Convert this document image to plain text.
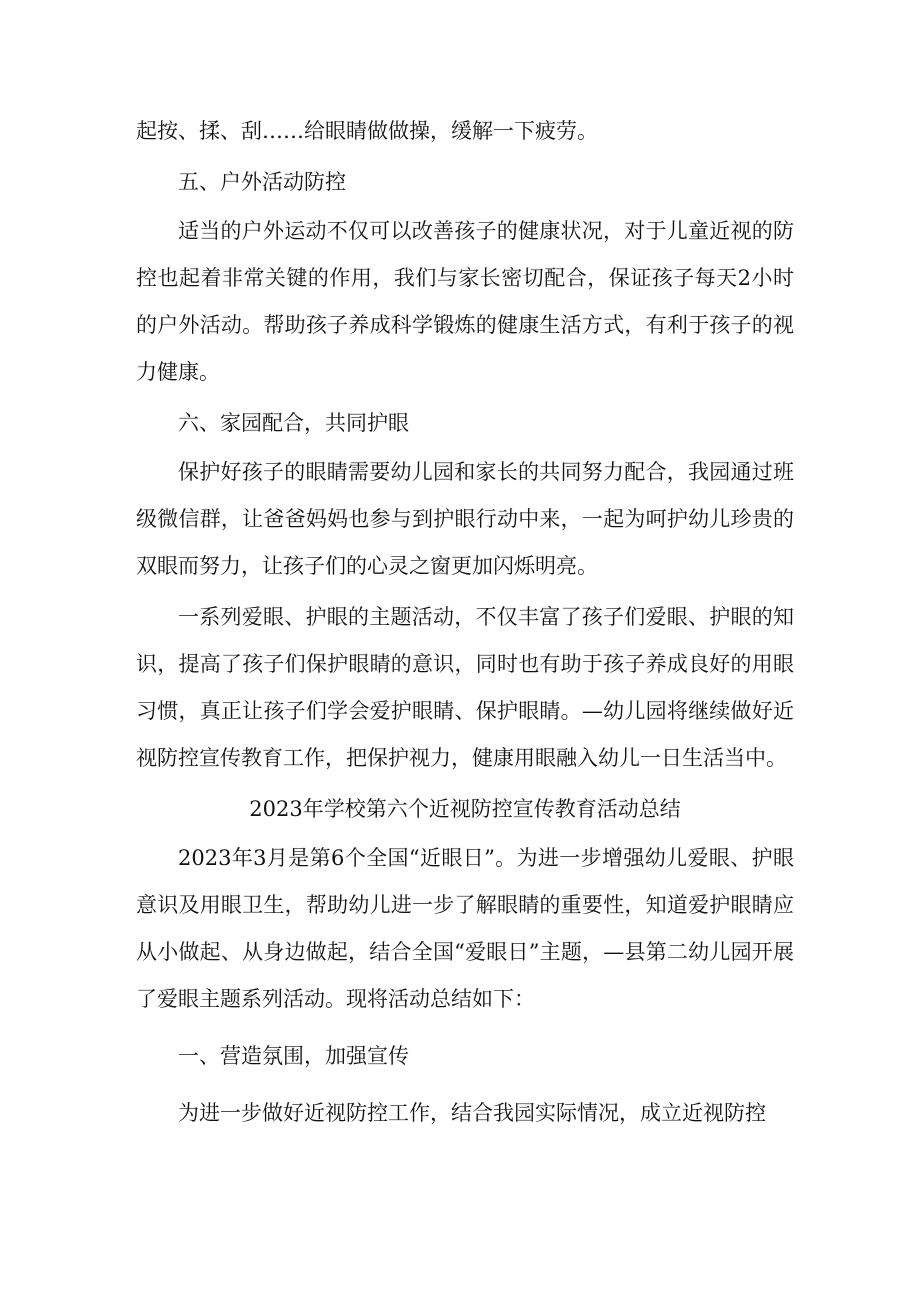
起按、揉、刮……给眼睛做做操，缓解一下疲劳。

五、户外活动防控

适当的户外运动不仅可以改善孩子的健康状况，对于儿童近视的防控也起着非常关键的作用，我们与家长密切配合，保证孩子每天2小时的户外活动。帮助孩子养成科学锻炼的健康生活方式，有利于孩子的视力健康。

六、家园配合，共同护眼

保护好孩子的眼睛需要幼儿园和家长的共同努力配合，我园通过班级微信群，让爸爸妈妈也参与到护眼行动中来，一起为呵护幼儿珍贵的双眼而努力，让孩子们的心灵之窗更加闪烁明亮。

一系列爱眼、护眼的主题活动，不仅丰富了孩子们爱眼、护眼的知识，提高了孩子们保护眼睛的意识，同时也有助于孩子养成良好的用眼习惯，真正让孩子们学会爱护眼睛、保护眼睛。—幼儿园将继续做好近视防控宣传教育工作，把保护视力，健康用眼融入幼儿一日生活当中。

2023年学校第六个近视防控宣传教育活动总结

2023年3月是第6个全国“近眼日”。为进一步增强幼儿爱眼、护眼意识及用眼卫生，帮助幼儿进一步了解眼睛的重要性，知道爱护眼睛应从小做起、从身边做起，结合全国“爱眼日”主题，—县第二幼儿园开展了爱眼主题系列活动。现将活动总结如下：

一、营造氛围，加强宣传

为进一步做好近视防控工作，结合我园实际情况，成立近视防控
